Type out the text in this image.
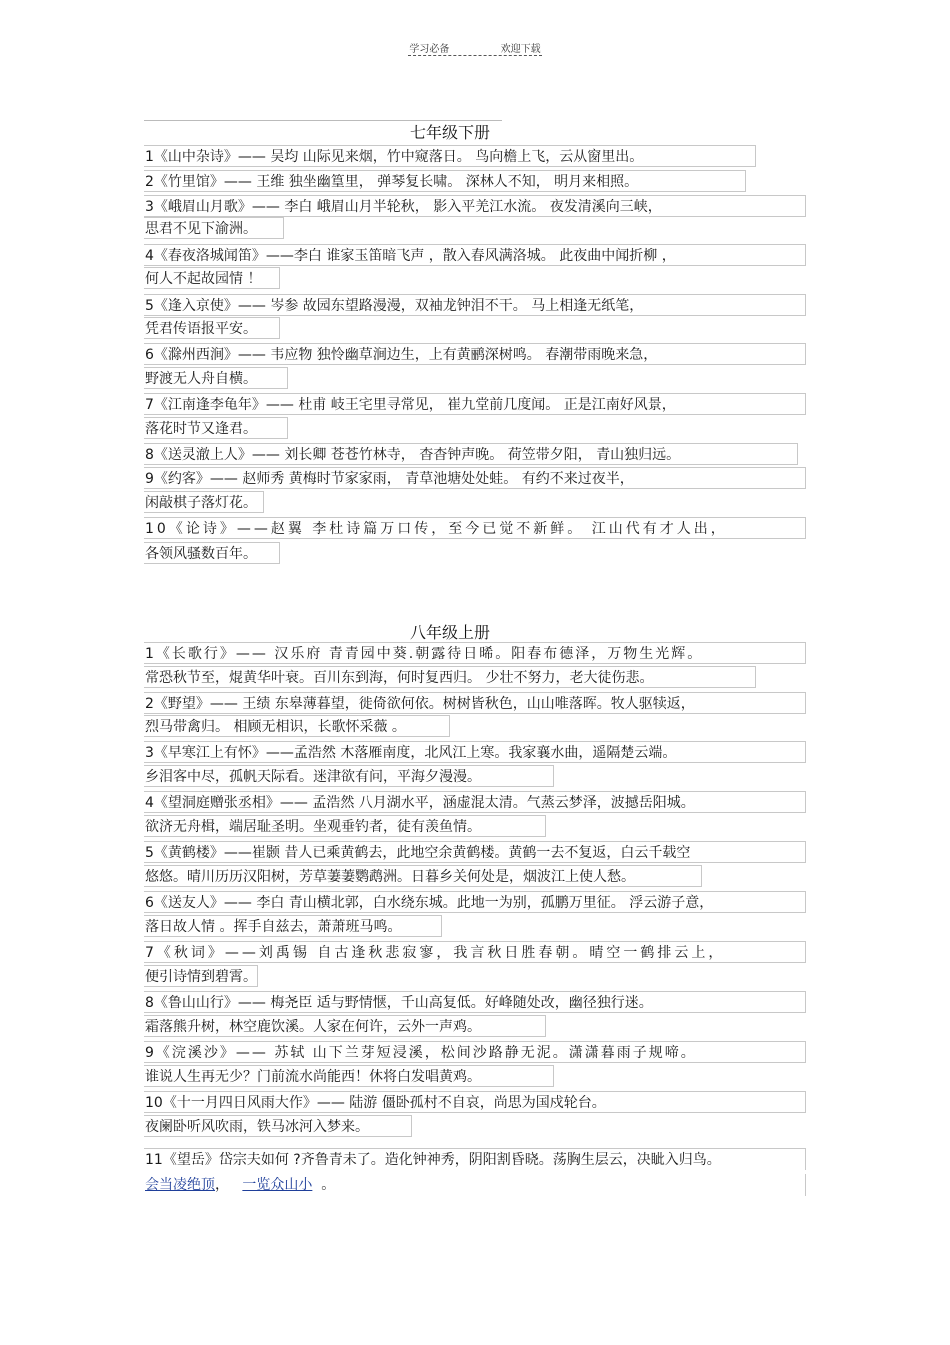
学习必备	欢迎下载
七年级下册
1《山中杂诗》—— 吴均 山际见来烟，竹中窥落日。 鸟向檐上飞，云从窗里出。
2《竹里馆》—— 王维 独坐幽篁里， 弹琴复长啸。 深林人不知， 明月来相照。
3《峨眉山月歌》—— 李白 峨眉山月半轮秋， 影入平羌江水流。 夜发清溪向三峡，
思君不见下渝洲。
4《春夜洛城闻笛》——李白 谁家玉笛暗飞声 ，散入春风满洛城。 此夜曲中闻折柳 ，
何人不起故园情 ！
5《逢入京使》—— 岑参 故园东望路漫漫，双袖龙钟泪不干。 马上相逢无纸笔，
凭君传语报平安。
6《滁州西涧》—— 韦应物 独怜幽草涧边生，上有黄鹂深树鸣。 春潮带雨晚来急，
野渡无人舟自横。
7《江南逢李龟年》—— 杜甫 岐王宅里寻常见， 崔九堂前几度闻。 正是江南好风景，
落花时节又逢君。
8《送灵澈上人》—— 刘长卿 苍苍竹林寺， 杳杳钟声晚。 荷笠带夕阳， 青山独归远。
9《约客》—— 赵师秀 黄梅时节家家雨， 青草池塘处处蛙。 有约不来过夜半，
闲敲棋子落灯花。
10《论诗》——赵翼 李杜诗篇万口传，至今已觉不新鲜。 江山代有才人出，
各领风骚数百年。
八年级上册
1《长歌行》—— 汉乐府 青青园中葵.朝露待日晞。阳春布德泽，万物生光辉。
常恐秋节至，焜黄华叶衰。百川东到海，何时复西归。 少壮不努力，老大徒伤悲。
2《野望》—— 王绩 东皋薄暮望，徙倚欲何依。树树皆秋色，山山唯落晖。牧人驱犊返，
烈马带禽归。 相顾无相识，长歌怀采薇 。
3《早寒江上有怀》——孟浩然 木落雁南度，北风江上寒。我家襄水曲，遥隔楚云端。
乡泪客中尽，孤帆天际看。迷津欲有问，平海夕漫漫。
4《望洞庭赠张丞相》—— 孟浩然 八月湖水平，涵虚混太清。气蒸云梦泽，波撼岳阳城。
欲济无舟楫，端居耻圣明。坐观垂钓者，徒有羡鱼情。
5《黄鹤楼》——崔颢 昔人已乘黄鹤去，此地空余黄鹤楼。黄鹤一去不复返，白云千载空
悠悠。晴川历历汉阳树，芳草萋萋鹦鹉洲。日暮乡关何处是，烟波江上使人愁。
6《送友人》—— 李白 青山横北郭，白水绕东城。此地一为别，孤鹏万里征。 浮云游子意，
落日故人情 。挥手自兹去，萧萧班马鸣。
7《秋词》——刘禹锡 自古逢秋悲寂寥，我言秋日胜春朝。晴空一鹤排云上，
便引诗情到碧霄。
8《鲁山山行》—— 梅尧臣 适与野情惬，千山高复低。好峰随处改，幽径独行迷。
霜落熊升树，林空鹿饮溪。人家在何许，云外一声鸡。
9《浣溪沙》—— 苏轼 山下兰芽短浸溪，松间沙路静无泥。潇潇暮雨子规啼。
谁说人生再无少？门前流水尚能西！休将白发唱黄鸡。
10《十一月四日风雨大作》—— 陆游 僵卧孤村不自哀，尚思为国戍轮台。
夜阑卧听风吹雨，铁马冰河入梦来。
11《望岳》岱宗夫如何 ?齐鲁青未了。造化钟神秀，阴阳割昏晓。荡胸生层云，决眦入归鸟。
会当凌绝顶， 一览众山小 。
